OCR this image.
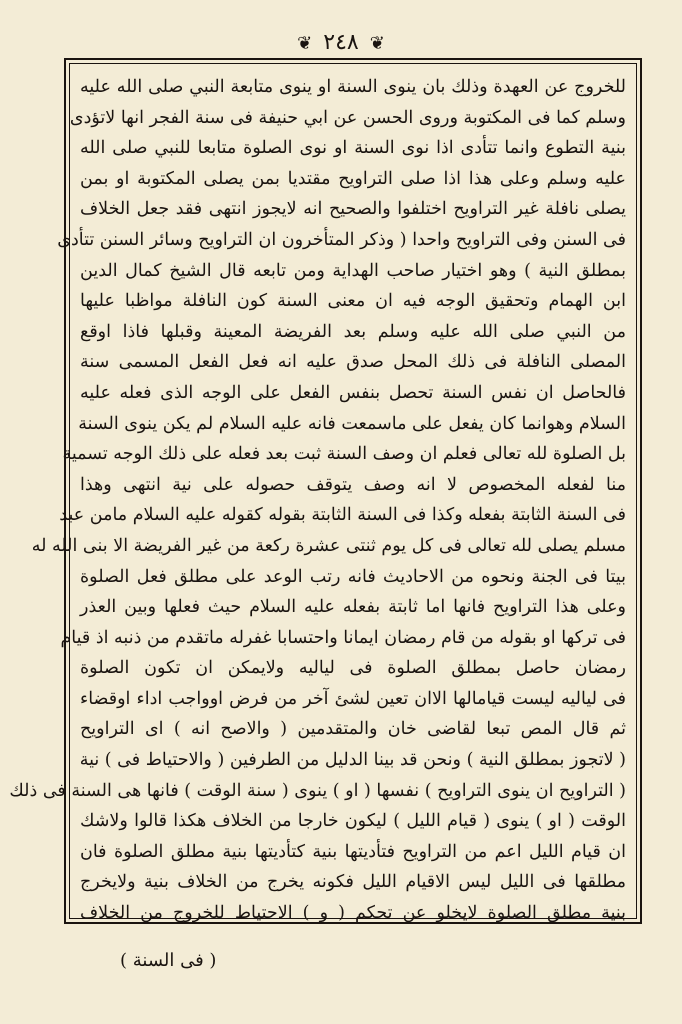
❦ ٢٤٨ ❦
للخروج عن العهدة وذلك بان ينوى السنة او ينوى متابعة النبي صلى الله عليه
وسلم كما فى المكتوبة وروى الحسن عن ابي حنيفة فى سنة الفجر انها لاتؤدى
بنية التطوع وانما تتأدى اذا نوى السنة او نوى الصلوة متابعا للنبي صلى الله
عليه وسلم وعلى هذا اذا صلى التراويح مقتديا بمن يصلى المكتوبة او بمن
يصلى نافلة غير التراويح اختلفوا والصحيح انه لايجوز انتهى فقد جعل الخلاف
فى السنن وفى التراويح واحدا ( وذكر المتأخرون ان التراويح وسائر السنن تتأدى
بمطلق النية ) وهو اختيار صاحب الهداية ومن تابعه قال الشيخ كمال الدين
ابن الهمام وتحقيق الوجه فيه ان معنى السنة كون النافلة مواظبا عليها
من النبي صلى الله عليه وسلم بعد الفريضة المعينة وقبلها فاذا اوقع
المصلى النافلة فى ذلك المحل صدق عليه انه فعل الفعل المسمى سنة
فالحاصل ان نفس السنة تحصل بنفس الفعل على الوجه الذى فعله عليه
السلام وهوانما كان يفعل على ماسمعت فانه عليه السلام لم يكن ينوى السنة
بل الصلوة لله تعالى فعلم ان وصف السنة ثبت بعد فعله على ذلك الوجه تسمية
منا لفعله المخصوص لا انه وصف يتوقف حصوله على نية انتهى وهذا
فى السنة الثابتة بفعله وكذا فى السنة الثابتة بقوله كقوله عليه السلام مامن عبد
مسلم يصلى لله تعالى فى كل يوم ثنتى عشرة ركعة من غير الفريضة الا بنى الله له
بيتا فى الجنة ونحوه من الاحاديث فانه رتب الوعد على مطلق فعل الصلوة
وعلى هذا التراويح فانها اما ثابتة بفعله عليه السلام حيث فعلها وبين العذر
فى تركها او بقوله من قام رمضان ايمانا واحتسابا غفرله ماتقدم من ذنبه اذ قيام
رمضان حاصل بمطلق الصلوة فى لياليه ولايمكن ان تكون الصلوة
فى لياليه ليست قيامالها الاان تعين لشئ آخر من فرض اوواجب اداء اوقضاء
ثم قال المص تبعا لقاضى خان والمتقدمين ( والاصح انه ) اى التراويح
( لاتجوز بمطلق النية ) ونحن قد بينا الدليل من الطرفين ( والاحتياط فى ) نية
( التراويح ان ينوى التراويح ) نفسها ( او ) ينوى ( سنة الوقت ) فانها هى السنة فى ذلك
الوقت ( او ) ينوى ( قيام الليل ) ليكون خارجا من الخلاف هكذا قالوا ولاشك
ان قيام الليل اعم من التراويح فتأديتها بنية كتأديتها بنية مطلق الصلوة فان
مطلقها فى الليل ليس الاقيام الليل فكونه يخرج من الخلاف بنية ولايخرج
بنية مطلق الصلوة لايخلو عن تحكم ( و ) الاحتياط للخروج من الخلاف
( فى السنة )
